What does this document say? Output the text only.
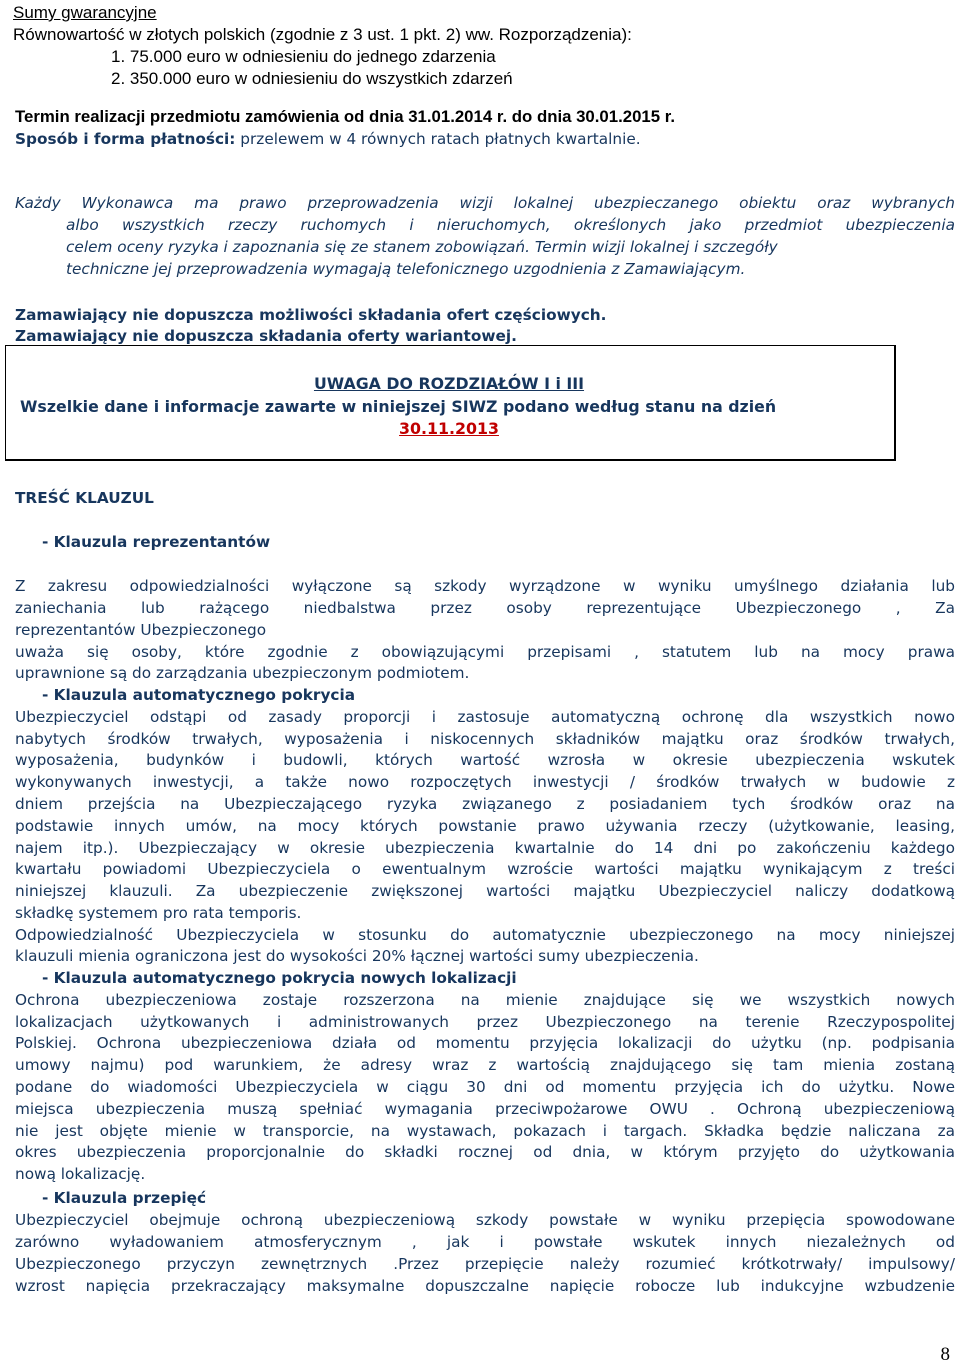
Sumy gwarancyjne
Równowartość w złotych polskich (zgodnie z 3 ust. 1 pkt. 2) ww. Rozporządzenia):
1. 75.000 euro w odniesieniu do jednego zdarzenia
2. 350.000 euro w odniesieniu do wszystkich zdarzeń
Termin realizacji przedmiotu zamówienia od dnia 31.01.2014 r. do dnia 30.01.2015 r.
Sposób i forma płatności: przelewem w 4 równych ratach płatnych kwartalnie.
Każdy Wykonawca ma prawo przeprowadzenia wizji lokalnej ubezpieczanego obiektu oraz wybranych
albo wszystkich rzeczy ruchomych i nieruchomych, określonych jako przedmiot ubezpieczenia
celem oceny ryzyka i zapoznania się ze stanem zobowiązań. Termin wizji lokalnej i szczegóły
techniczne jej przeprowadzenia wymagają telefonicznego uzgodnienia z Zamawiającym.
Zamawiający nie dopuszcza możliwości składania ofert częściowych.
Zamawiający nie dopuszcza składania oferty wariantowej.
UWAGA DO ROZDZIAŁÓW I i III
Wszelkie dane i informacje zawarte w niniejszej SIWZ podano według stanu na dzień
30.11.2013
TREŚĆ KLAUZUL
- Klauzula reprezentantów
Z zakresu odpowiedzialności wyłączone są szkody wyrządzone w wyniku umyślnego działania lub
zaniechania lub rażącego niedbalstwa przez osoby reprezentujące Ubezpieczonego , Za
reprezentantów Ubezpieczonego
uważa się osoby, które zgodnie z obowiązującymi przepisami , statutem lub na mocy prawa
uprawnione są do zarządzania ubezpieczonym podmiotem.
- Klauzula automatycznego pokrycia
Ubezpieczyciel odstąpi od zasady proporcji i zastosuje automatyczną ochronę dla wszystkich nowo
nabytych środków trwałych, wyposażenia i niskocennych składników majątku oraz środków trwałych,
wyposażenia, budynków i budowli, których wartość wzrosła w okresie ubezpieczenia wskutek
wykonywanych inwestycji, a także nowo rozpoczętych inwestycji / środków trwałych w budowie z
dniem przejścia na Ubezpieczającego ryzyka związanego z posiadaniem tych środków oraz na
podstawie innych umów, na mocy których powstanie prawo używania rzeczy (użytkowanie, leasing,
najem itp.). Ubezpieczający w okresie ubezpieczenia kwartalnie do 14 dni po zakończeniu każdego
kwartału powiadomi Ubezpieczyciela o ewentualnym wzroście wartości majątku wynikającym z treści
niniejszej klauzuli. Za ubezpieczenie zwiększonej wartości majątku Ubezpieczyciel naliczy dodatkową
składkę systemem pro rata temporis.
Odpowiedzialność Ubezpieczyciela w stosunku do automatycznie ubezpieczonego na mocy niniejszej
klauzuli mienia ograniczona jest do wysokości 20% łącznej wartości sumy ubezpieczenia.
- Klauzula automatycznego pokrycia nowych lokalizacji
Ochrona ubezpieczeniowa zostaje rozszerzona na mienie znajdujące się we wszystkich nowych
lokalizacjach użytkowanych i administrowanych przez Ubezpieczonego na terenie Rzeczypospolitej
Polskiej. Ochrona ubezpieczeniowa działa od momentu przyjęcia lokalizacji do użytku (np. podpisania
umowy najmu) pod warunkiem, że adresy wraz z wartością znajdującego się tam mienia zostaną
podane do wiadomości Ubezpieczyciela w ciągu 30 dni od momentu przyjęcia ich do użytku. Nowe
miejsca ubezpieczenia muszą spełniać wymagania przeciwpożarowe OWU . Ochroną ubezpieczeniową
nie jest objęte mienie w transporcie, na wystawach, pokazach i targach. Składka będzie naliczana za
okres ubezpieczenia proporcjonalnie do składki rocznej od dnia, w którym przyjęto do użytkowania
nową lokalizację.
- Klauzula przepięć
Ubezpieczyciel obejmuje ochroną ubezpieczeniową szkody powstałe w wyniku przepięcia spowodowane
zarówno wyładowaniem atmosferycznym , jak i powstałe wskutek innych niezależnych od
Ubezpieczonego przyczyn zewnętrznych .Przez przepięcie należy rozumieć krótkotrwały/ impulsowy/
wzrost napięcia przekraczający maksymalne dopuszczalne napięcie robocze lub indukcyjne wzbudzenie
8
